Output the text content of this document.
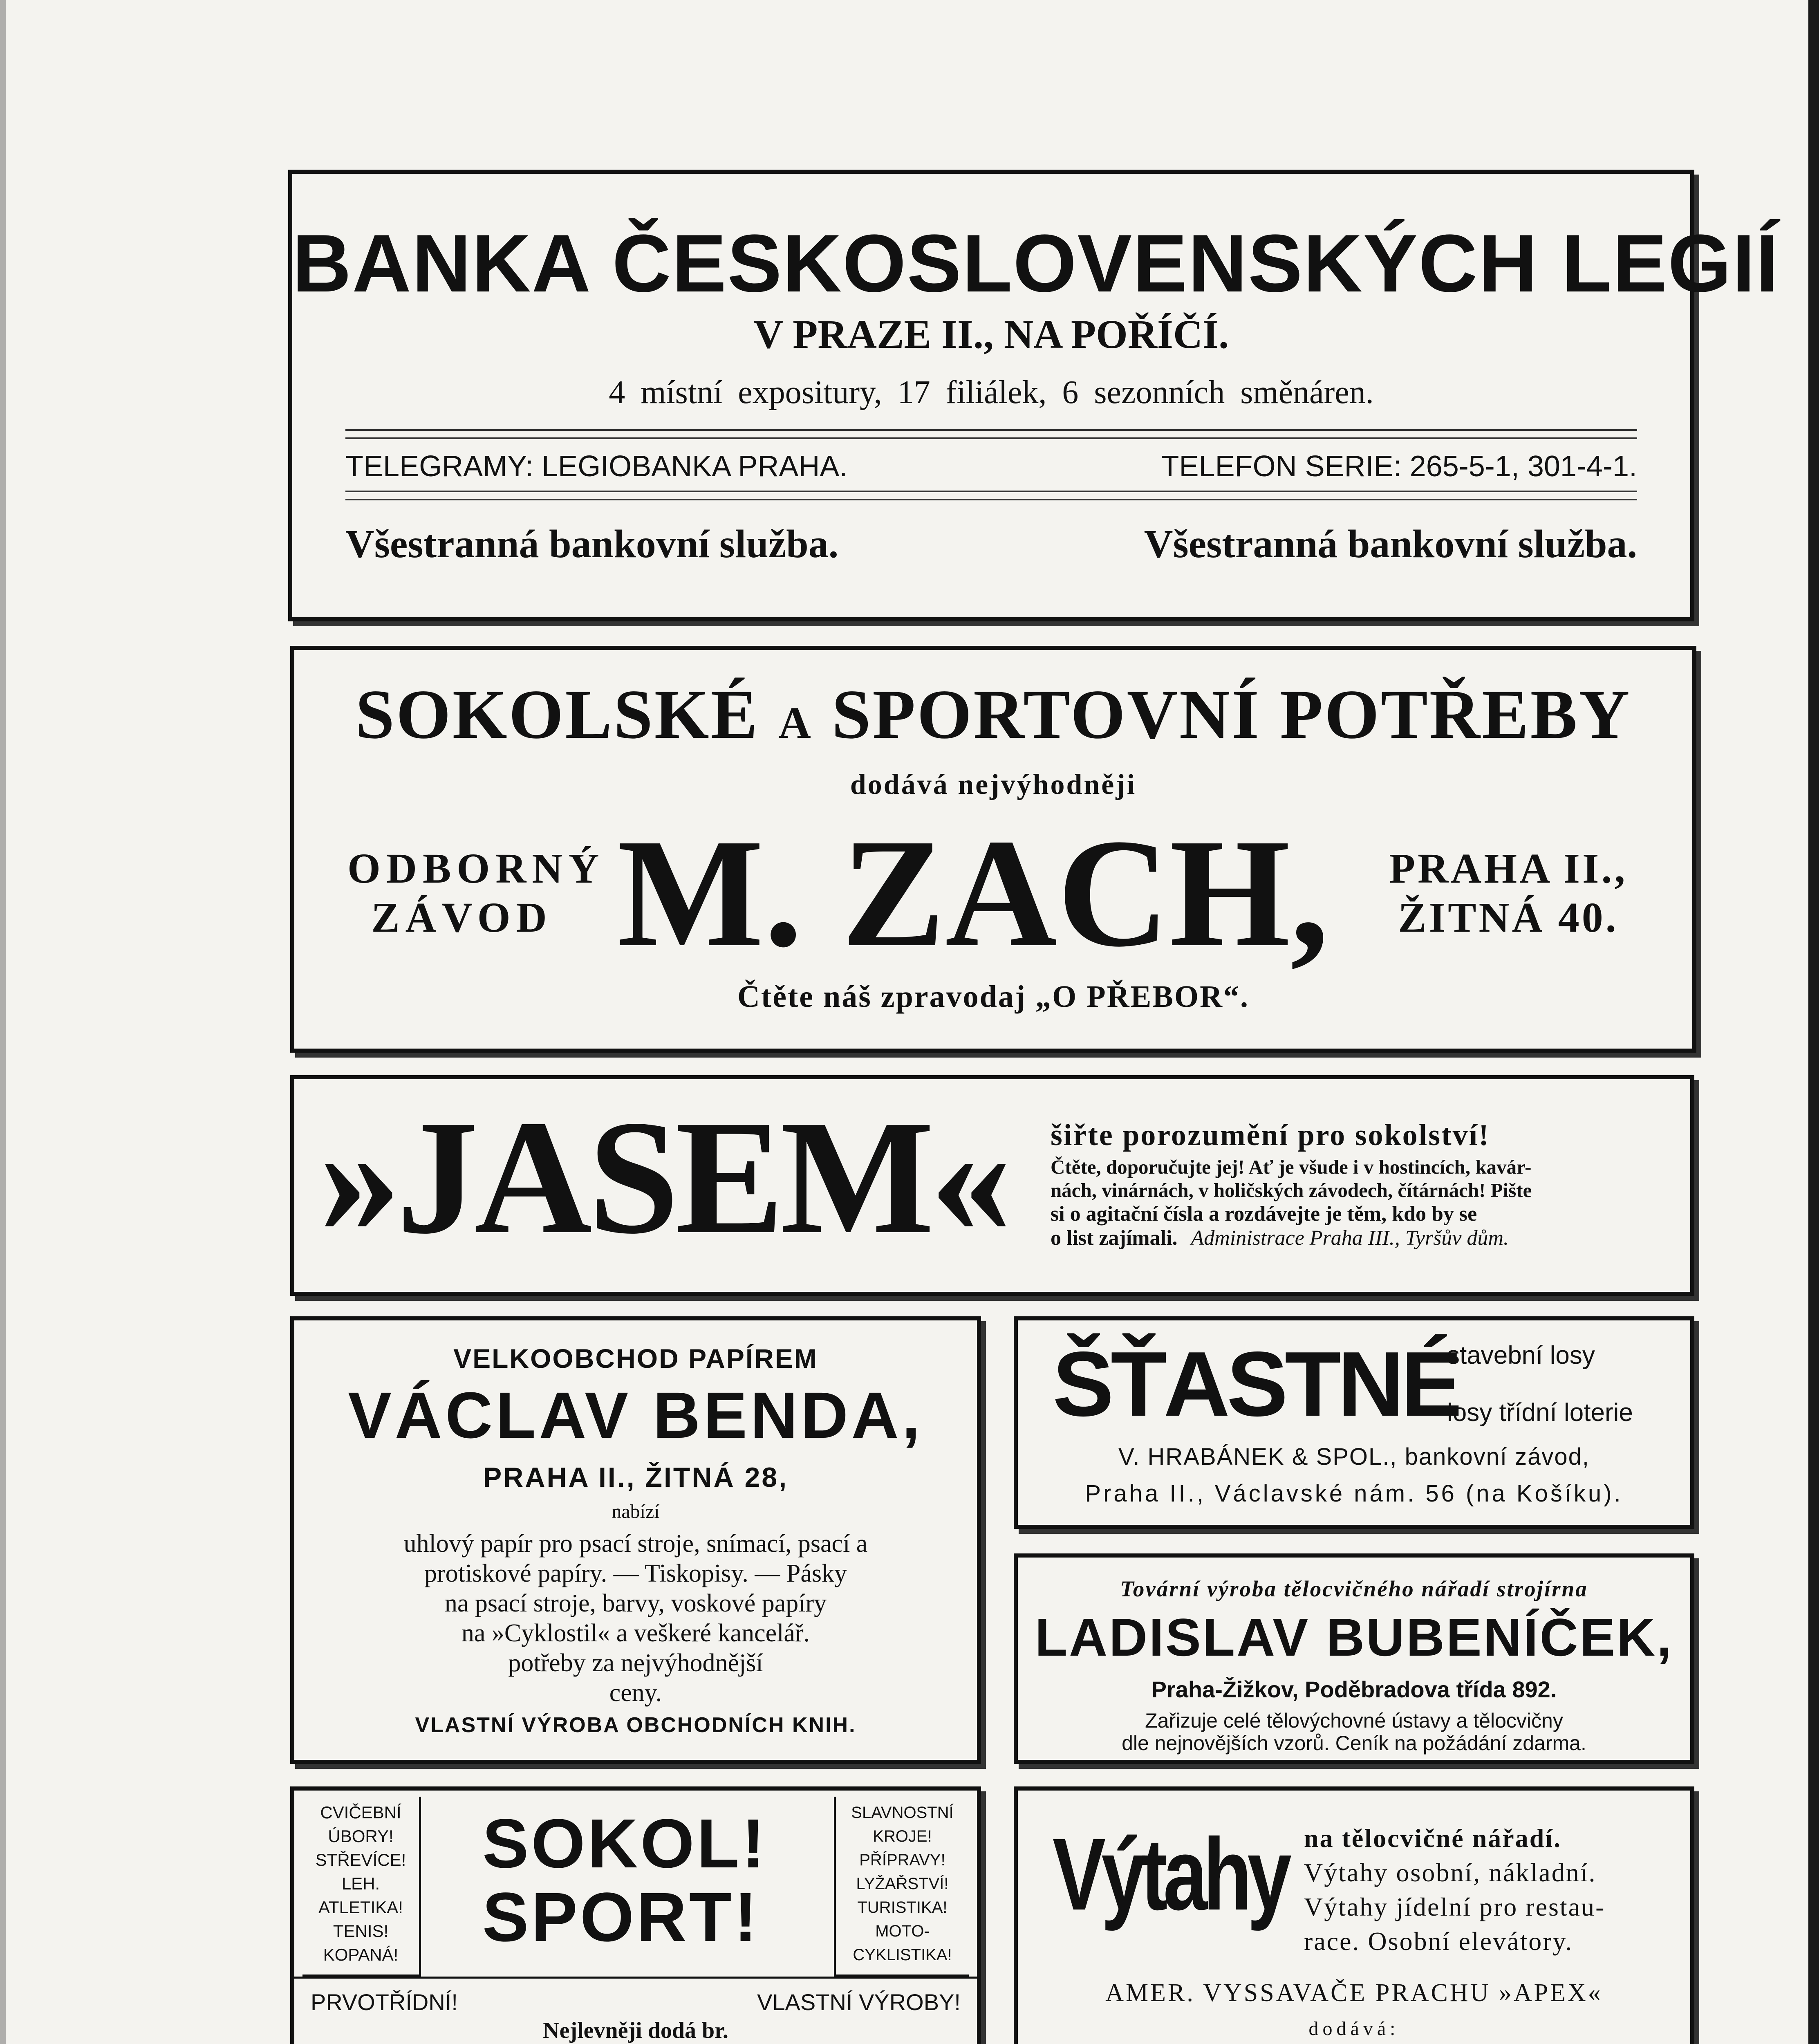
BANKA ČESKOSLOVENSKÝCH LEGIÍ
V PRAZE II., NA POŘÍČÍ.
4 místní expositury, 17 filiálek, 6 sezonních směnáren.
TELEGRAMY: LEGIOBANKA PRAHA.	TELEFON SERIE: 265-5-1, 301-4-1.
Všestranná bankovní služba.	Všestranná bankovní služba.
SOKOLSKÉ A SPORTOVNÍ POTŘEBY
dodává nejvýhodněji
ODBORNÝ
ZÁVOD M. ZACH,	PRAHA II.,
ŽITNÁ 40.
Čtěte náš zpravodaj „O PŘEBOR“.
»JASEM« šiřte porozumění pro sokolství!
Čtěte, doporučujte jej! Ať je všude i v hostincích, kavár-
nách, vinárnách, v holičských závodech, čítárnách! Pište
si o agitační čísla a rozdávejte je těm, kdo by se
o list zajímali. Administrace Praha III., Tyršův dům.
VELKOOBCHOD PAPÍREM
VÁCLAV BENDA,
PRAHA II., ŽITNÁ 28,
nabízí
uhlový papír pro psací stroje, snímací, psací a
protiskové papíry. — Tiskopisy. — Pásky
na psací stroje, barvy, voskové papíry
na »Cyklostil« a veškeré kancelář.
potřeby za nejvýhodnější
ceny.
VLASTNÍ VÝROBA OBCHODNÍCH KNIH.
ŠŤASTNÉ
stavební losy
losy třídní loterie
V. HRABÁNEK & SPOL., bankovní závod,
Praha II., Václavské nám. 56 (na Košíku).
Tovární výroba tělocvičného nářadí strojírna
LADISLAV BUBENÍČEK,
Praha-Žižkov, Poděbradova třída 892.
Zařizuje celé tělovýchovné ústavy a tělocvičny
dle nejnovějších vzorů. Ceník na požádání zdarma.
CVIČEBNÍ
ÚBORY!
STŘEVÍCE!
LEH.
ATLETIKA!
TENIS!
KOPANÁ!
SOKOL!
SPORT!
SLAVNOSTNÍ
KROJE!
PŘÍPRAVY!
LYŽAŘSTVÍ!
TURISTIKA!
MOTO-
CYKLISTIKA!
PRVOTŘÍDNÍ!	VLASTNÍ VÝROBY!
Nejlevněji dodá br.
Výtahy na tělocvičné nářadí.
Výtahy osobní, nákladní.
Výtahy jídelní pro restau-
race. Osobní elevátory.
AMER. VYSSAVAČE PRACHU »APEX«
dodává:
